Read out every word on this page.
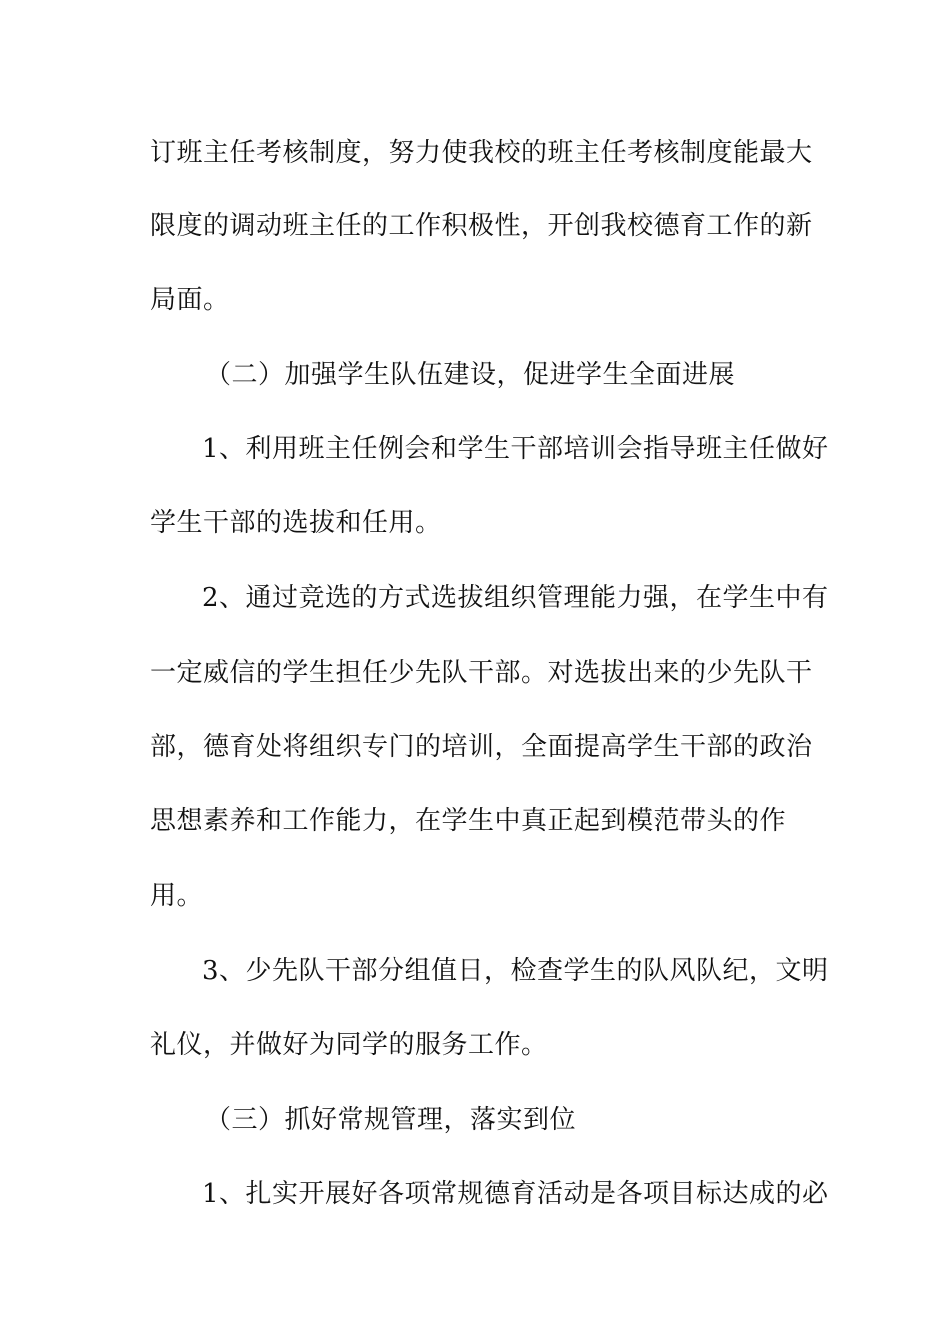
订班主任考核制度，努力使我校的班主任考核制度能最大
限度的调动班主任的工作积极性，开创我校德育工作的新
局面。
（二）加强学生队伍建设，促进学生全面进展
1、利用班主任例会和学生干部培训会指导班主任做好
学生干部的选拔和任用。
2、通过竞选的方式选拔组织管理能力强，在学生中有
一定威信的学生担任少先队干部。对选拔出来的少先队干
部，德育处将组织专门的培训，全面提高学生干部的政治
思想素养和工作能力，在学生中真正起到模范带头的作
用。
3、少先队干部分组值日，检查学生的队风队纪，文明
礼仪，并做好为同学的服务工作。
（三）抓好常规管理，落实到位
1、扎实开展好各项常规德育活动是各项目标达成的必
